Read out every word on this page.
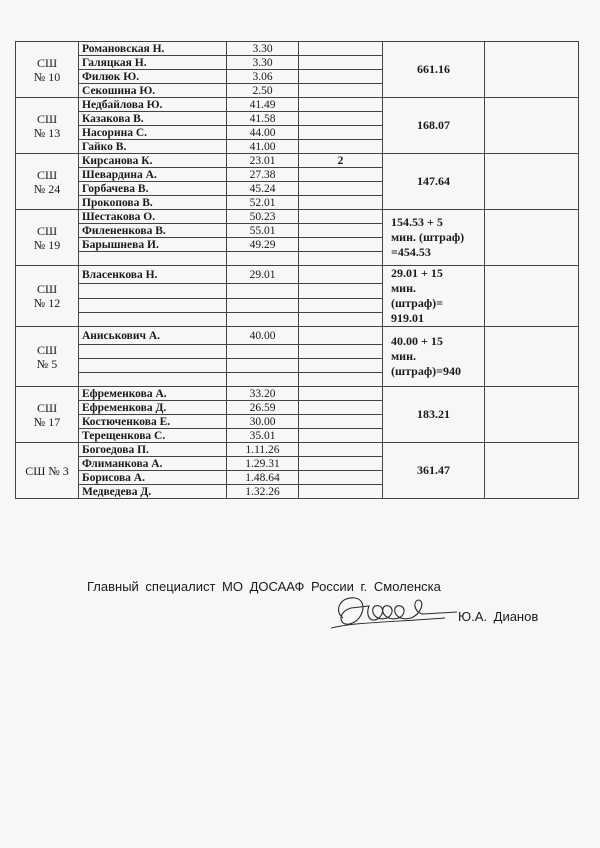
СШ
№ 10	Романовская Н.	3.30		661.16	
	Галяцкая Н.	3.30			
	Филюк Ю.	3.06			
	Секошина Ю.	2.50			
СШ
№ 13	Недбайлова Ю.	41.49		168.07	
	Казакова В.	41.58			
	Насорина С.	44.00			
	Гайко В.	41.00			
СШ
№ 24	Кирсанова К.	23.01	2	147.64	
	Шевардина А.	27.38			
	Горбачева В.	45.24			
	Прокопова В.	52.01			
СШ
№ 19	Шестакова О.	50.23		154.53 + 5
мин. (штраф)
=454.53	
	Филененкова В.	55.01			
	Барышнева И.	49.29			

СШ
№ 12	Власенкова Н.	29.01		29.01 + 15
мин.
(штраф)=
919.01	

СШ
№ 5	Аниськович А.	40.00		40.00 + 15
мин.
(штраф)=940	

СШ
№ 17	Ефременкова А.	33.20		183.21	
	Ефременкова Д.	26.59			
	Костюченкова Е.	30.00			
	Терещенкова С.	35.01			
СШ № 3	Богоедова П.	1.11.26		361.47	
	Флиманкова А.	1.29.31			
	Борисова А.	1.48.64			
	Медведева Д.	1.32.26			
Главный специалист МО ДОСААФ России г. Смоленска
Ю.А. Дианов
